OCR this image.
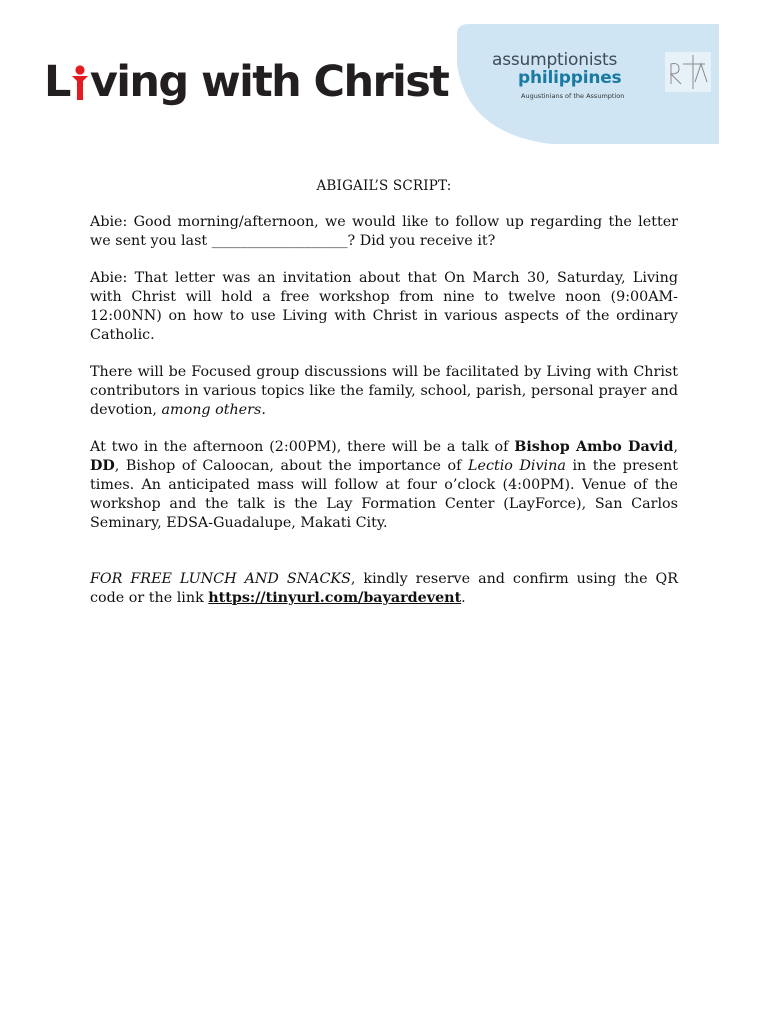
L ving with Christ	assumptionists
philippines
Augustinians of the Assumption
ABIGAIL’S SCRIPT:

Abie: Good morning/afternoon, we would like to follow up regarding the letter we sent you last ___________________? Did you receive it?

Abie: That letter was an invitation about that On March 30, Saturday, Living with Christ will hold a free workshop from nine to twelve noon (9:00AM-12:00NN) on how to use Living with Christ in various aspects of the ordinary Catholic.

There will be Focused group discussions will be facilitated by Living with Christ contributors in various topics like the family, school, parish, personal prayer and devotion, among others.

At two in the afternoon (2:00PM), there will be a talk of Bishop Ambo David, DD, Bishop of Caloocan, about the importance of Lectio Divina in the present times. An anticipated mass will follow at four o’clock (4:00PM). Venue of the workshop and the talk is the Lay Formation Center (LayForce), San Carlos Seminary, EDSA-Guadalupe, Makati City.

FOR FREE LUNCH AND SNACKS, kindly reserve and confirm using the QR code or the link https://tinyurl.com/bayardevent.
